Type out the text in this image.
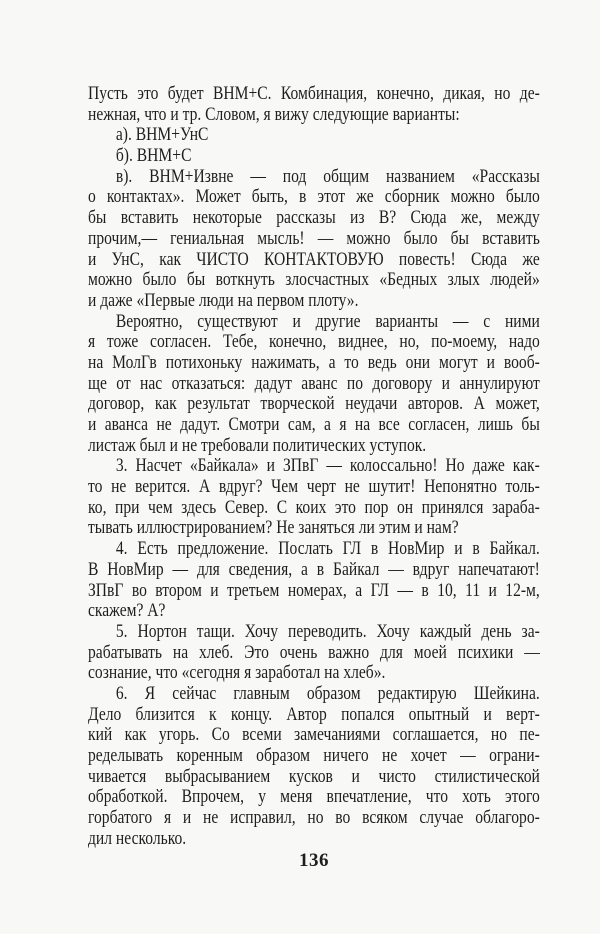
Пусть это будет ВНМ+С. Комбинация, конечно, дикая, но де-
нежная, что и тр. Словом, я вижу следующие варианты:
а). ВНМ+УнС
б). ВНМ+С
в). ВНМ+Извне — под общим названием «Рассказы
о контактах». Может быть, в этот же сборник можно было
бы вставить некоторые рассказы из В? Сюда же, между
прочим,— гениальная мысль! — можно было бы вставить
и УнС, как ЧИСТО КОНТАКТОВУЮ повесть! Сюда же
можно было бы воткнуть злосчастных «Бедных злых людей»
и даже «Первые люди на первом плоту».
Вероятно, существуют и другие варианты — с ними
я тоже согласен. Тебе, конечно, виднее, но, по-моему, надо
на МолГв потихоньку нажимать, а то ведь они могут и вооб-
ще от нас отказаться: дадут аванс по договору и аннулируют
договор, как результат творческой неудачи авторов. А может,
и аванса не дадут. Смотри сам, а я на все согласен, лишь бы
листаж был и не требовали политических уступок.
3. Насчет «Байкала» и ЗПвГ — колоссально! Но даже как-
то не верится. А вдруг? Чем черт не шутит! Непонятно толь-
ко, при чем здесь Север. С коих это пор он принялся зараба-
тывать иллюстрированием? Не заняться ли этим и нам?
4. Есть предложение. Послать ГЛ в НовМир и в Байкал.
В НовМир — для сведения, а в Байкал — вдруг напечатают!
ЗПвГ во втором и третьем номерах, а ГЛ — в 10, 11 и 12-м,
скажем? А?
5. Нортон тащи. Хочу переводить. Хочу каждый день за-
рабатывать на хлеб. Это очень важно для моей психики —
сознание, что «сегодня я заработал на хлеб».
6. Я сейчас главным образом редактирую Шейкина.
Дело близится к концу. Автор попался опытный и верт-
кий как угорь. Со всеми замечаниями соглашается, но пе-
ределывать коренным образом ничего не хочет — ограни-
чивается выбрасыванием кусков и чисто стилистической
обработкой. Впрочем, у меня впечатление, что хоть этого
горбатого я и не исправил, но во всяком случае облагоро-
дил несколько.
136
